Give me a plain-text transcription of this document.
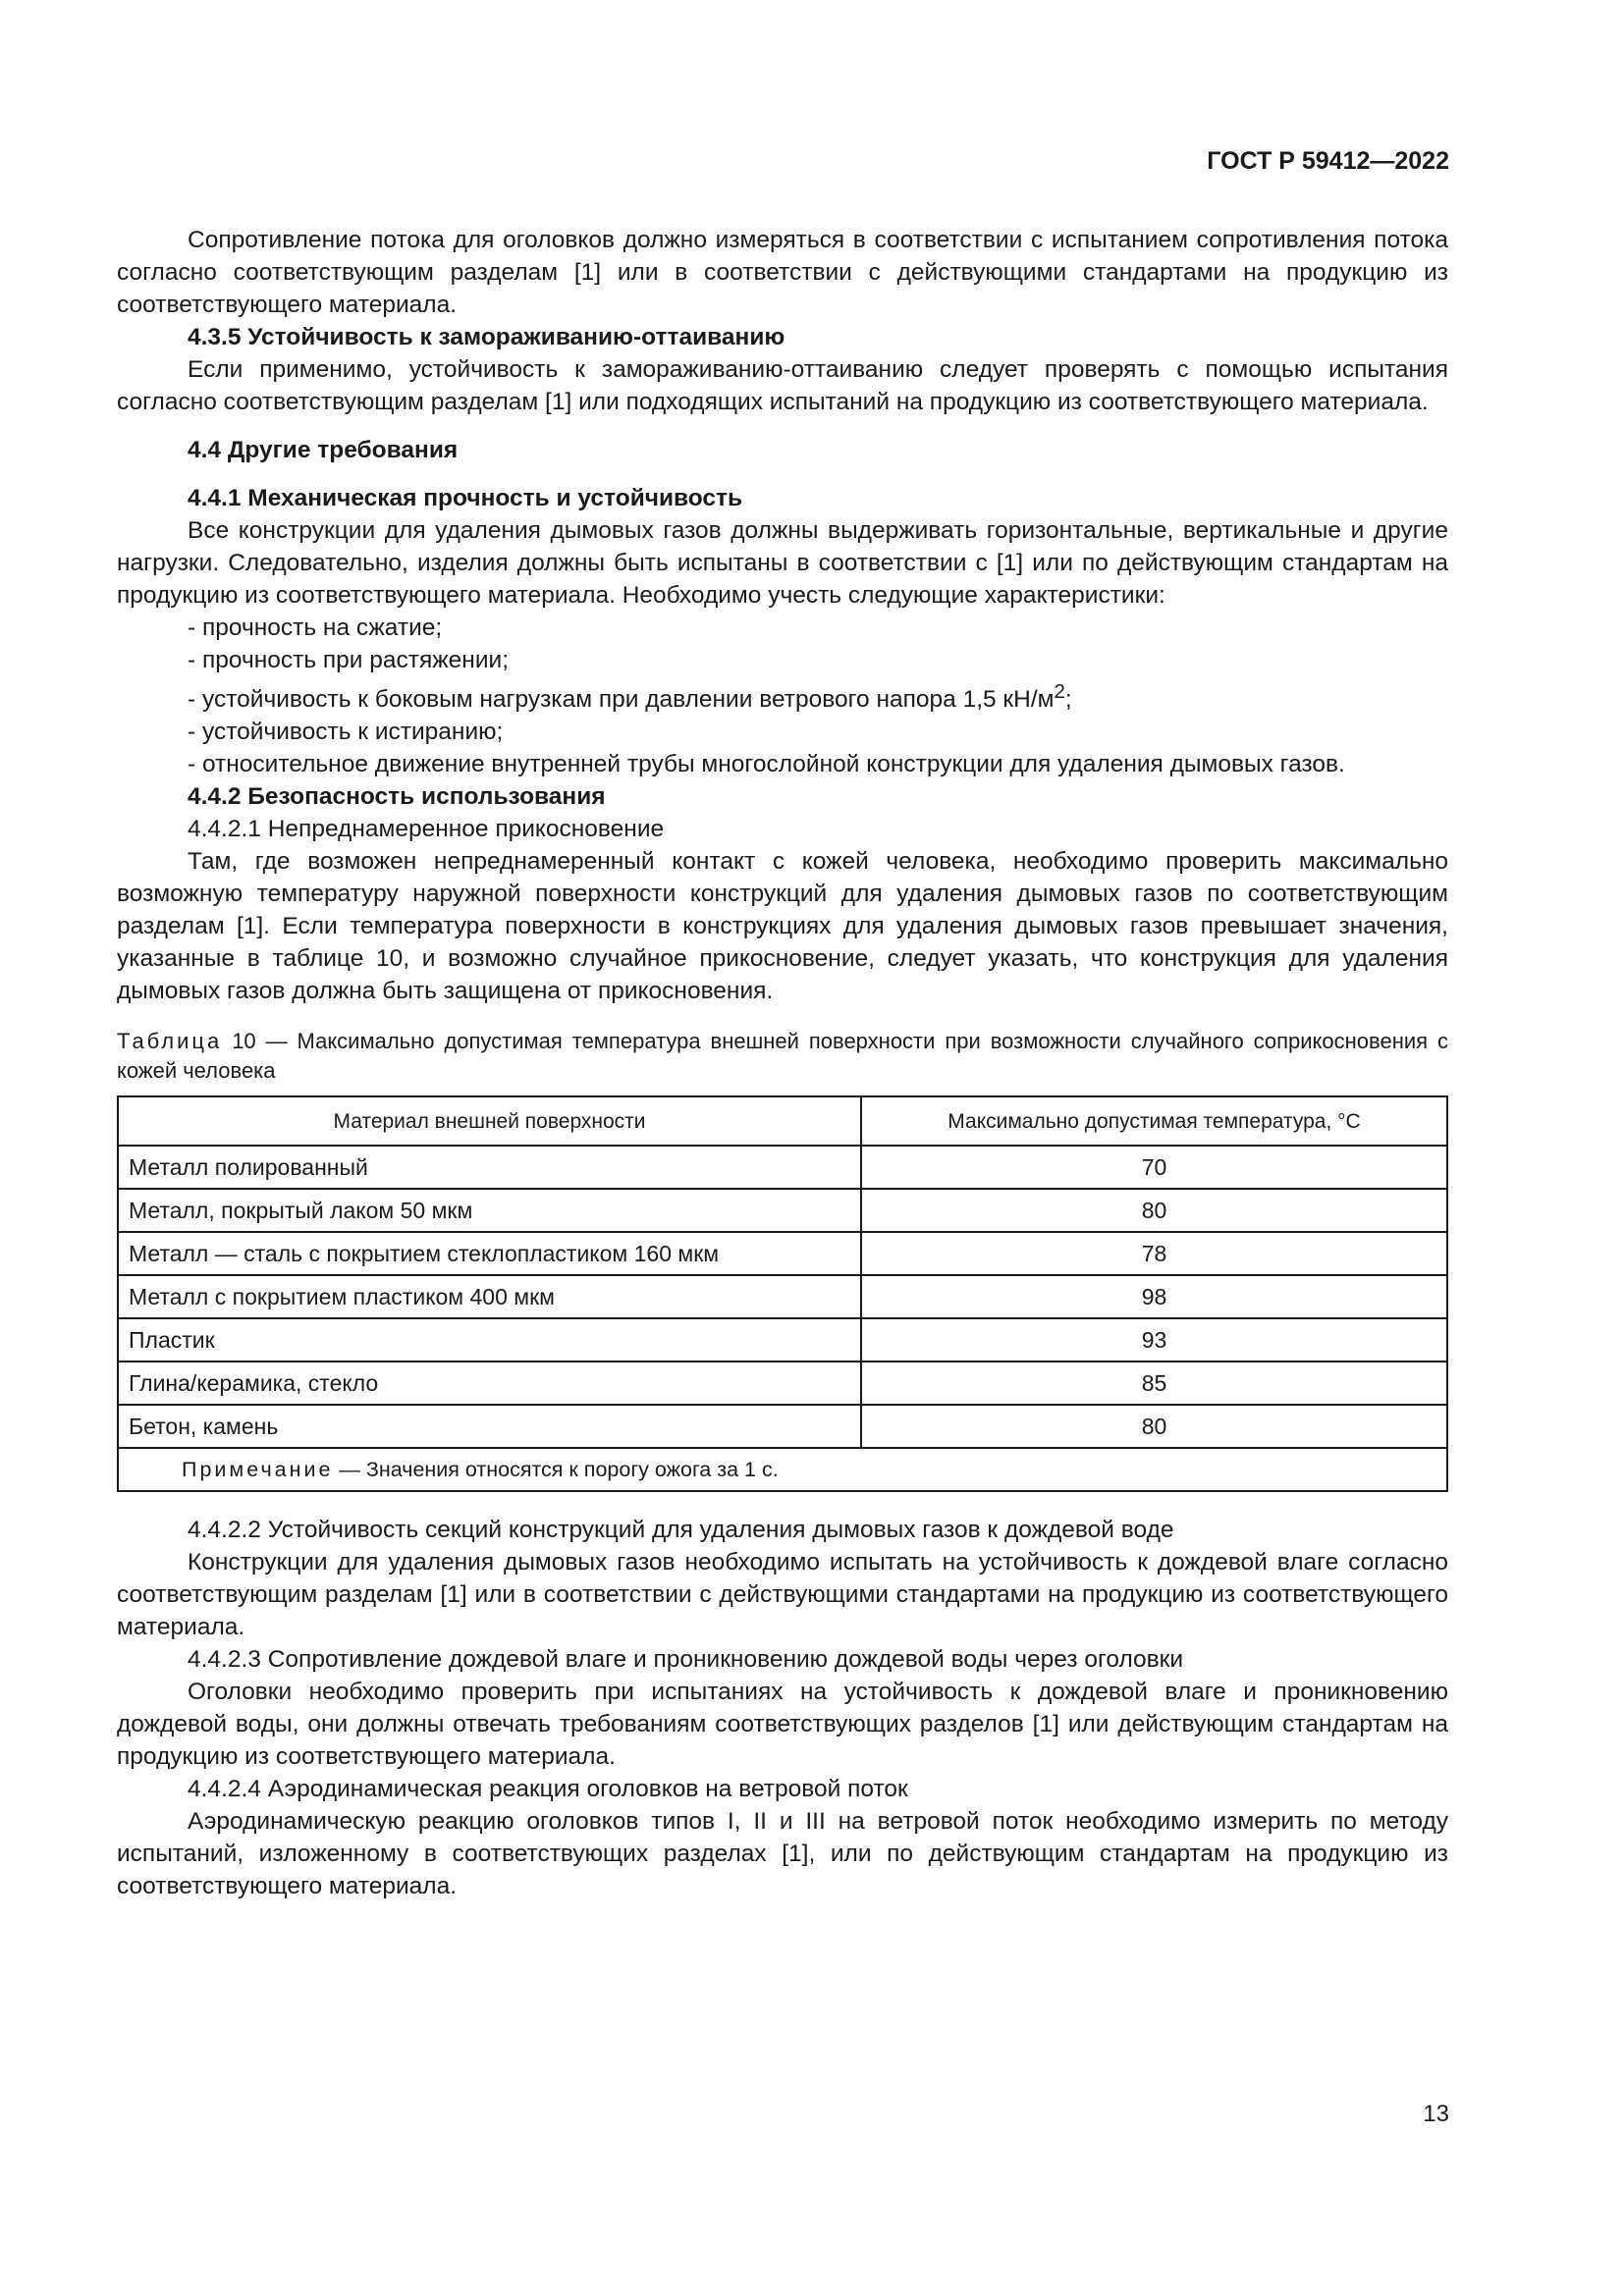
ГОСТ Р 59412—2022

Сопротивление потока для оголовков должно измеряться в соответствии с испытанием сопротивления потока согласно соответствующим разделам [1] или в соответствии с действующими стандартами на продукцию из соответствующего материала.

4.3.5 Устойчивость к замораживанию-оттаиванию

Если применимо, устойчивость к замораживанию-оттаиванию следует проверять с помощью испытания согласно соответствующим разделам [1] или подходящих испытаний на продукцию из соответствующего материала.

4.4 Другие требования

4.4.1 Механическая прочность и устойчивость

Все конструкции для удаления дымовых газов должны выдерживать горизонтальные, вертикальные и другие нагрузки. Следовательно, изделия должны быть испытаны в соответствии с [1] или по действующим стандартам на продукцию из соответствующего материала. Необходимо учесть следующие характеристики:

- прочность на сжатие;

- прочность при растяжении;

- устойчивость к боковым нагрузкам при давлении ветрового напора 1,5 $кН/м^2$;

- устойчивость к истиранию;

- относительное движение внутренней трубы многослойной конструкции для удаления дымовых газов.

4.4.2 Безопасность использования

4.4.2.1 Непреднамеренное прикосновение

Там, где возможен непреднамеренный контакт с кожей человека, необходимо проверить максимально возможную температуру наружной поверхности конструкций для удаления дымовых газов по соответствующим разделам [1]. Если температура поверхности в конструкциях для удаления дымовых газов превышает значения, указанные в таблице 10, и возможно случайное прикосновение, следует указать, что конструкция для удаления дымовых газов должна быть защищена от прикосновения.

Таблица 10 — Максимально допустимая температура внешней поверхности при возможности случайного соприкосновения с кожей человека

Материал внешней поверхности	Максимально допустимая температура, °С
Металл полированный	70
Металл, покрытый лаком 50 мкм	80
Металл — сталь с покрытием стеклопластиком 160 мкм	78
Металл с покрытием пластиком 400 мкм	98
Пластик	93
Глина/керамика, стекло	85
Бетон, камень	80
Примечание — Значения относятся к порогу ожога за 1 с.	

4.4.2.2 Устойчивость секций конструкций для удаления дымовых газов к дождевой воде

Конструкции для удаления дымовых газов необходимо испытать на устойчивость к дождевой влаге согласно соответствующим разделам [1] или в соответствии с действующими стандартами на продукцию из соответствующего материала.

4.4.2.3 Сопротивление дождевой влаге и проникновению дождевой воды через оголовки

Оголовки необходимо проверить при испытаниях на устойчивость к дождевой влаге и проникновению дождевой воды, они должны отвечать требованиям соответствующих разделов [1] или действующим стандартам на продукцию из соответствующего материала.

4.4.2.4 Аэродинамическая реакция оголовков на ветровой поток

Аэродинамическую реакцию оголовков типов I, II и III на ветровой поток необходимо измерить по методу испытаний, изложенному в соответствующих разделах [1], или по действующим стандартам на продукцию из соответствующего материала.

13
